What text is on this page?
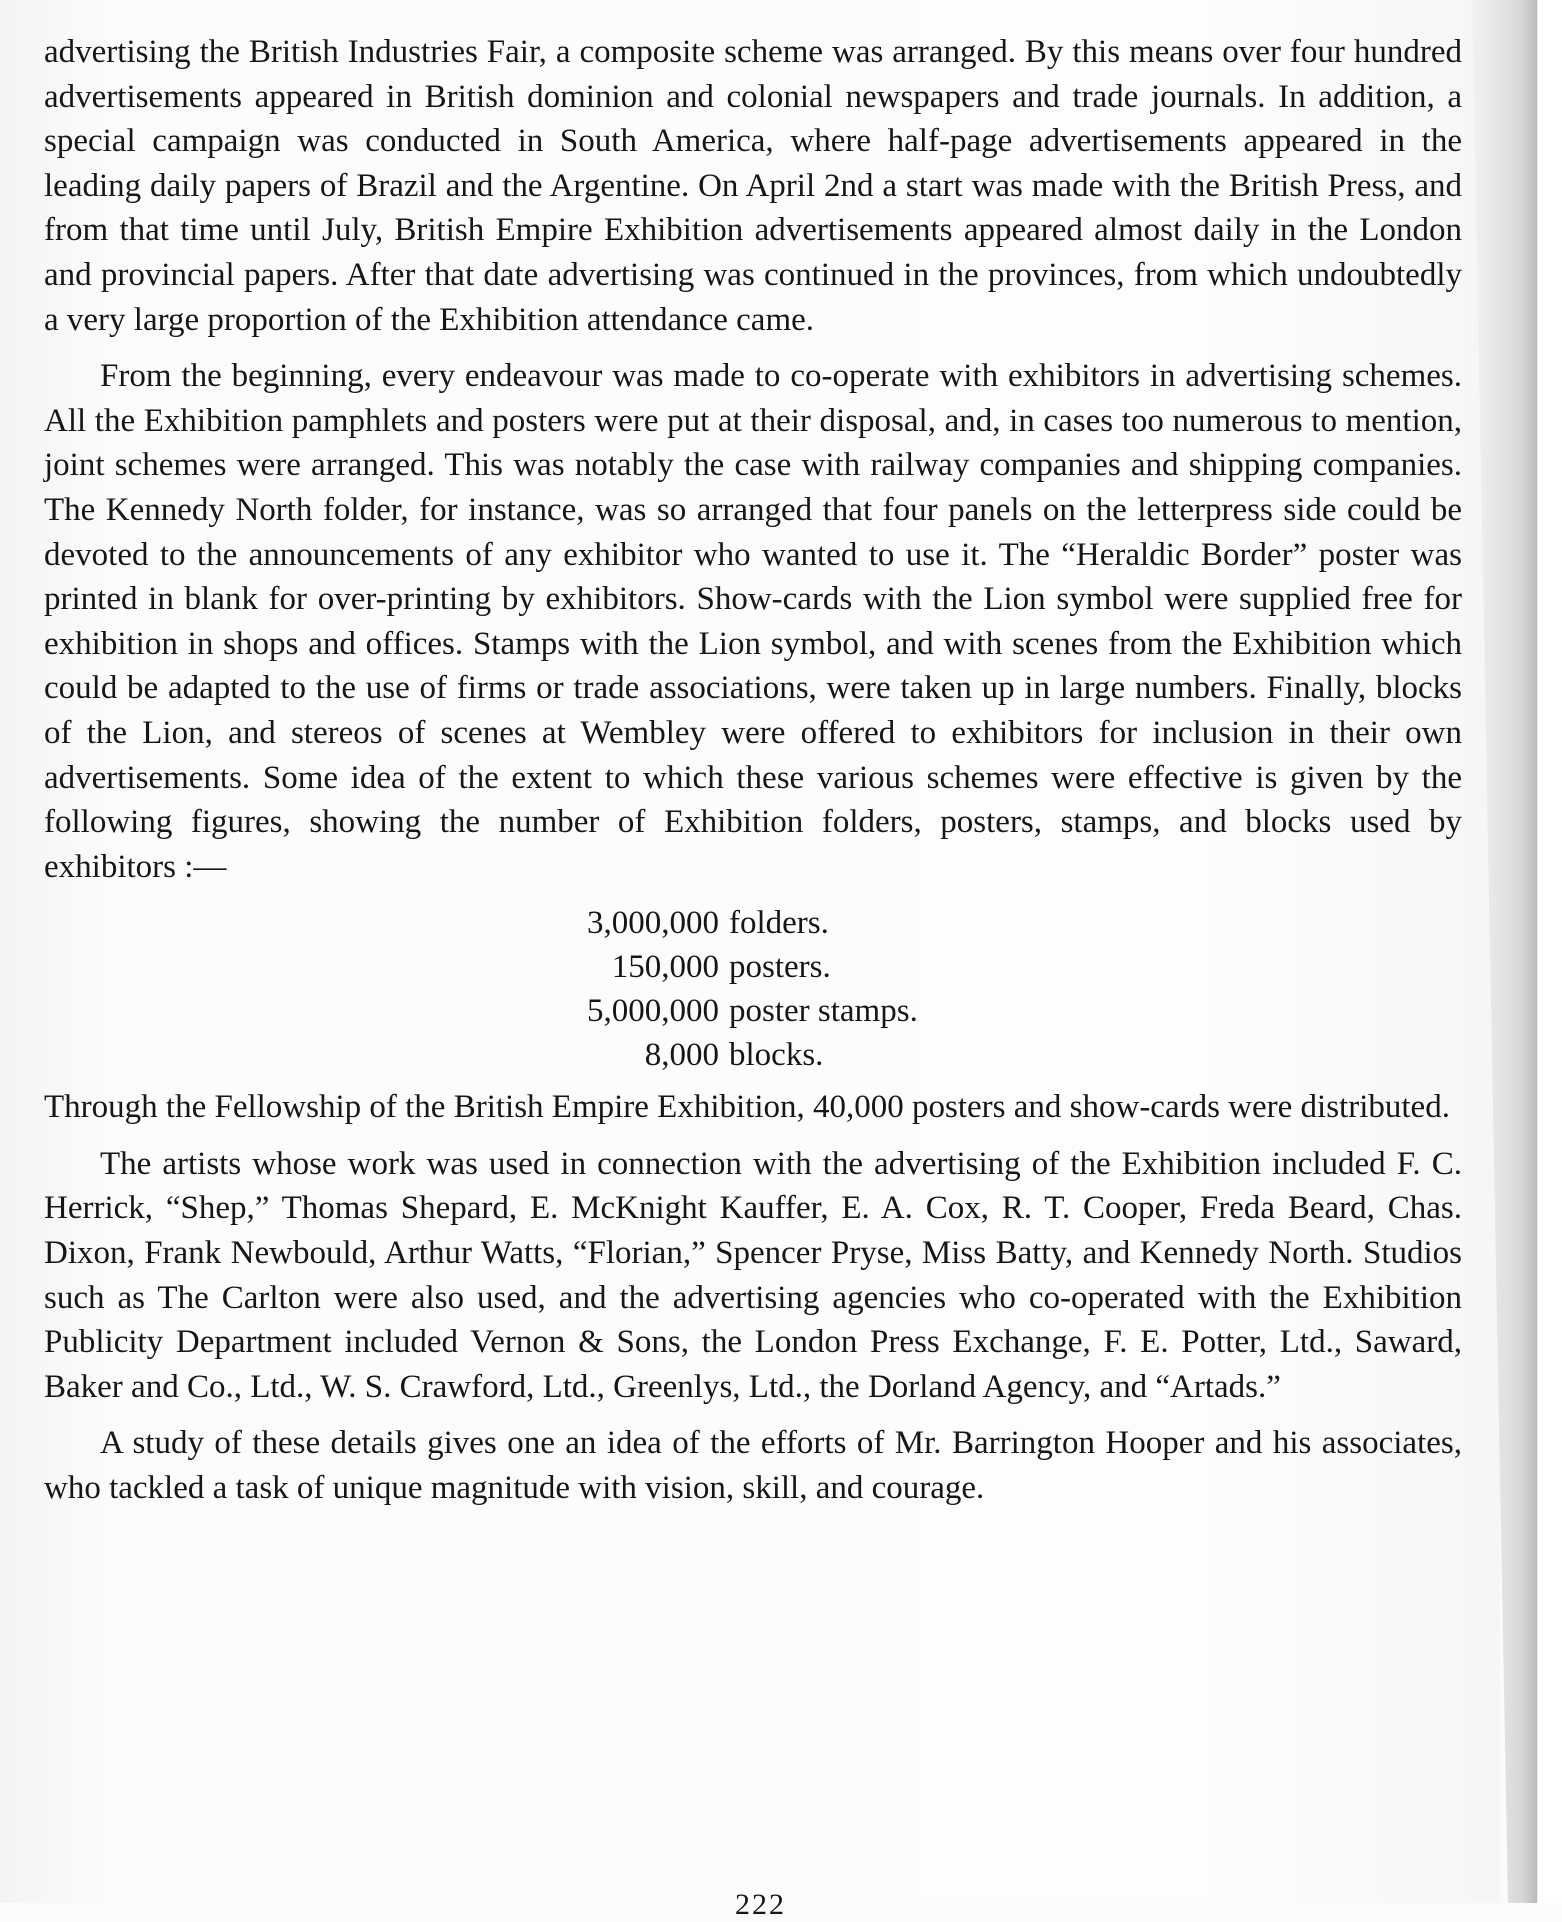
advertising the British Industries Fair, a composite scheme was arranged. By this means over four hundred advertisements appeared in British dominion and colonial newspapers and trade journals. In addition, a special campaign was conducted in South America, where half-page advertisements appeared in the leading daily papers of Brazil and the Argentine. On April 2nd a start was made with the British Press, and from that time until July, British Empire Exhibition advertisements appeared almost daily in the London and provincial papers. After that date advertising was continued in the provinces, from which undoubtedly a very large proportion of the Exhibition attendance came.

From the beginning, every endeavour was made to co-operate with exhibitors in advertising schemes. All the Exhibition pamphlets and posters were put at their disposal, and, in cases too numerous to mention, joint schemes were arranged. This was notably the case with railway companies and shipping companies. The Kennedy North folder, for instance, was so arranged that four panels on the letterpress side could be devoted to the announcements of any exhibitor who wanted to use it. The “Heraldic Border” poster was printed in blank for over-printing by exhibitors. Show-cards with the Lion symbol were supplied free for exhibition in shops and offices. Stamps with the Lion symbol, and with scenes from the Exhibition which could be adapted to the use of firms or trade associations, were taken up in large numbers. Finally, blocks of the Lion, and stereos of scenes at Wembley were offered to exhibitors for inclusion in their own advertisements. Some idea of the extent to which these various schemes were effective is given by the following figures, showing the number of Exhibition folders, posters, stamps, and blocks used by exhibitors :—

3,000,000 folders.
150,000 posters.
5,000,000 poster stamps.
8,000 blocks.

Through the Fellowship of the British Empire Exhibition, 40,000 posters and show-cards were distributed.

The artists whose work was used in connection with the advertising of the Exhibition included F. C. Herrick, “Shep,” Thomas Shepard, E. McKnight Kauffer, E. A. Cox, R. T. Cooper, Freda Beard, Chas. Dixon, Frank Newbould, Arthur Watts, “Florian,” Spencer Pryse, Miss Batty, and Kennedy North. Studios such as The Carlton were also used, and the advertising agencies who co-operated with the Exhibition Publicity Department included Vernon & Sons, the London Press Exchange, F. E. Potter, Ltd., Saward, Baker and Co., Ltd., W. S. Crawford, Ltd., Greenlys, Ltd., the Dorland Agency, and “Artads.”

A study of these details gives one an idea of the efforts of Mr. Barrington Hooper and his associates, who tackled a task of unique magnitude with vision, skill, and courage.

222
